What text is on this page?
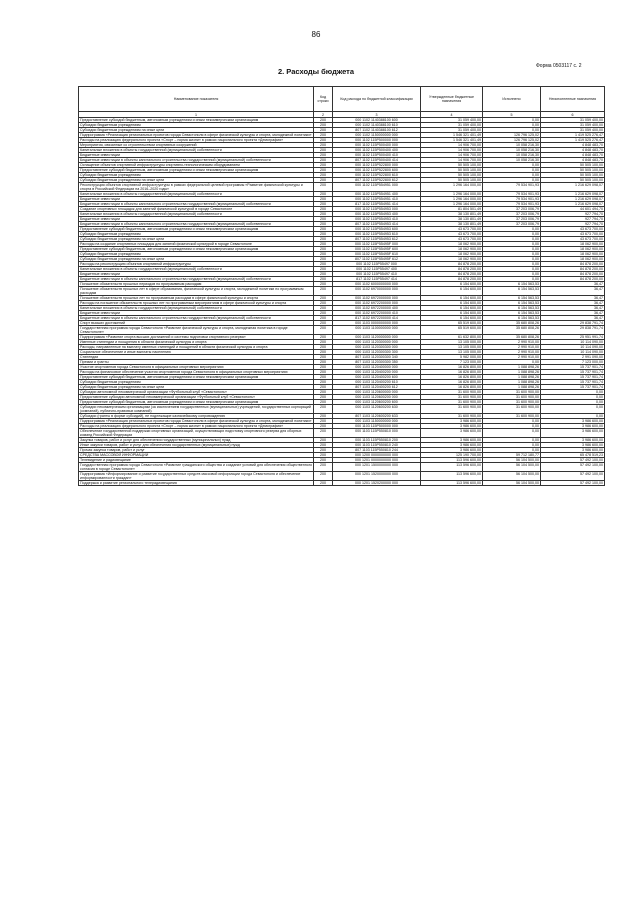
86
Форма 0503117 с. 2
2. Расходы бюджета
Наименование показателя	Код строки	Код расхода по бюджетной классификации	Утвержденные бюджетные назначения	Исполнено	Неисполненные назначения
1	2	3	4	5	6
Предоставление субсидий бюджетным, автономным учреждениям и иным некоммерческим организациям	200	000 1102 1140388100 600	31 059 400,00	0,00	31 059 400,00
Субсидии бюджетным учреждениям	200	000 1102 1140388100 610	31 059 400,00	0,00	31 059 400,00
Субсидии бюджетным учреждениям на иные цели	200	807 1102 1140388100 612	31 059 400,00	0,00	31 059 400,00
Подпрограмма «Реализация региональных проектов города Севастополя в сфере физической культуры и спорта, молодежной политики»	200	000 1102 1150000000 000	1 546 321 401,49	126 796 125,02	1 419 525 276,47
Расходы на реализацию федерального проекта «Спорт – норма жизни» в рамках национального проекта «Демография»	200	000 1102 115P500000 000	1 546 321 401,49	126 796 125,02	1 419 525 276,47
Мероприятия, связанные со строительством спортивных сооружений	200	000 1102 115P500400 000	14 906 700,00	10 058 216,30	4 848 483,70
Капитальные вложения в объекты государственной (муниципальной) собственности	200	000 1102 115P500400 400	14 906 700,00	10 058 216,30	4 848 483,70
Бюджетные инвестиции	200	000 1102 115P500400 410	14 906 700,00	10 058 216,30	4 848 483,70
Бюджетные инвестиции в объекты капитального строительства государственной (муниципальной) собственности	200	807 1102 115P500400 414	14 906 700,00	10 058 216,30	4 848 483,70
Оснащение объектов спортивной инфраструктуры спортивно-технологическим оборудованием	200	000 1102 115P522800 000	50 505 100,00	0,00	50 505 100,00
Предоставление субсидий бюджетным, автономным учреждениям и иным некоммерческим организациям	200	000 1102 115P522800 600	50 505 100,00	0,00	50 505 100,00
Субсидии бюджетным учреждениям	200	000 1102 115P522800 610	50 505 100,00	0,00	50 505 100,00
Субсидии бюджетным учреждениям на иные цели	200	807 1102 115P522800 612	50 505 100,00	0,00	50 505 100,00
Реконструкция объектов спортивной инфраструктуры в рамках федеральной целевой программы «Развитие физической культуры и спорта в Российской Федерации на 2016–2020 годы»	200	000 1102 115P554951 000	1 296 164 000,00	79 534 901,93	1 216 629 098,07
Капитальные вложения в объекты государственной (муниципальной) собственности	200	000 1102 115P554951 400	1 296 164 000,00	79 534 901,93	1 216 629 098,07
Бюджетные инвестиции	200	000 1102 115P554951 410	1 296 164 000,00	79 534 901,93	1 216 629 098,07
Бюджетные инвестиции в объекты капитального строительства государственной (муниципальной) собственности	200	817 1102 115P554951 414	1 296 164 000,00	79 534 901,93	1 216 629 098,07
Создание спортивных площадок для занятий физической культурой в городе Севастополе	200	000 1102 115P554953 000	81 804 501,49	37 203 006,79	44 601 494,70
Капитальные вложения в объекты государственной (муниципальной) собственности	200	000 1102 115P554953 400	38 130 801,49	37 203 006,79	927 794,70
Бюджетные инвестиции	200	000 1102 115P554953 410	38 130 801,49	37 203 006,79	927 794,70
Бюджетные инвестиции в объекты капитального строительства государственной (муниципальной) собственности	200	807 1102 115P554953 414	38 130 801,49	37 203 006,79	927 794,70
Предоставление субсидий бюджетным, автономным учреждениям и иным некоммерческим организациям	200	000 1102 115P554953 600	43 673 700,00	0,00	43 673 700,00
Субсидии бюджетным учреждениям	200	000 1102 115P554953 610	43 673 700,00	0,00	43 673 700,00
Субсидии бюджетным учреждениям на иные цели	200	807 1102 115P554953 612	43 673 700,00	0,00	43 673 700,00
Расходы на создание спортивных площадок для занятий физической культурой в городе Севастополе	200	000 1102 115P55495F 000	18 062 900,00	0,00	18 062 900,00
Предоставление субсидий бюджетным, автономным учреждениям и иным некоммерческим организациям	200	000 1102 115P55495F 600	18 062 900,00	0,00	18 062 900,00
Субсидии бюджетным учреждениям	200	000 1102 115P55495F 610	18 062 900,00	0,00	18 062 900,00
Субсидии бюджетным учреждениям на иные цели	200	807 1102 115P55495F 612	18 062 900,00	0,00	18 062 900,00
Расходы на реконструкцию объектов спортивной инфраструктуры	200	000 1102 115P55497 000	84 878 200,00	0,00	84 878 200,00
Капитальные вложения в объекты государственной (муниципальной) собственности	200	000 1102 115P55497 400	84 878 200,00	0,00	84 878 200,00
Бюджетные инвестиции	200	000 1102 115P55497 410	84 878 200,00	0,00	84 878 200,00
Бюджетные инвестиции в объекты капитального строительства государственной (муниципальной) собственности	200	817 1102 115P55497 414	84 878 200,00	0,00	84 878 200,00
Погашение обязательств прошлых периодов по программным расходам	200	000 1102 6000000000 000	6 154 600,00	6 154 563,53	36,47
Погашение обязательств прошлых лет в сфере образования, физической культуры и спорта, молодежной политики по программным расходам	200	000 1102 6970000000 000	6 154 600,00	6 154 563,53	36,47
Погашение обязательств прошлых лет по программным расходам в сфере физической культуры и спорта	200	000 1102 6972000000 000	6 154 600,00	6 154 563,53	36,47
Расходы на погашение обязательств прошлых лет по программным мероприятиям в сфере физической культуры и спорта	200	000 1102 6972200000 000	6 154 600,00	6 154 563,53	36,47
Капитальные вложения в объекты государственной (муниципальной) собственности	200	000 1102 6972200000 400	6 154 600,00	6 154 563,53	36,47
Бюджетные инвестиции	200	000 1102 6972200000 410	6 154 600,00	6 154 563,53	36,47
Бюджетные инвестиции в объекты капитального строительства государственной (муниципальной) собственности	200	817 1102 6972200000 414	6 154 600,00	6 154 563,53	36,47
Спорт высших достижений	200	000 1103 0000000000 000	65 519 600,00	35 680 808,26	29 838 791,74
Государственная программа города Севастополя «Развитие физической культуры и спорта, молодежная политика в городе Севастополе»	200	000 1103 1100000000 000	65 519 600,00	35 680 808,26	29 838 791,74
Подпрограмма «Развитие спорта высших достижений и системы подготовки спортивного резерва»	200	000 1103 1120000000 000	61 632 800,00	35 680 808,26	25 951 991,74
Именные стипендии и поощрения в области физической культуры и спорта	200	000 1103 1120300000 000	13 105 000,00	2 990 910,00	10 114 090,00
Расходы, направленные на выплату именных стипендий и поощрений в области физической культуры и спорта	200	000 1103 1120300300 000	13 105 000,00	2 990 910,00	10 114 090,00
Социальное обеспечение и иные выплаты населению	200	000 1103 1120300300 300	13 105 000,00	2 990 910,00	10 114 090,00
Стипендии	200	807 1103 1120300300 340	5 982 000,00	2 990 910,00	2 991 090,00
Премии и гранты	200	807 1103 1120300300 350	7 123 000,00	0,00	7 123 000,00
Участие спортсменов города Севастополя в официальных спортивных мероприятиях	200	000 1103 1120400000 000	16 826 800,00	1 088 898,26	15 737 901,74
Расходы на финансовое обеспечение участия спортсменов города Севастополя в официальных спортивных мероприятиях	200	000 1103 1120400200 000	16 826 800,00	1 088 898,26	15 737 901,74
Предоставление субсидий бюджетным, автономным учреждениям и иным некоммерческим организациям	200	000 1103 1120400200 600	16 826 800,00	1 088 898,26	15 737 901,74
Субсидии бюджетным учреждениям	200	000 1103 1120400200 610	16 826 800,00	1 088 898,26	15 737 901,74
Субсидии бюджетным учреждениям на иные цели	200	807 1103 1120400200 612	16 826 800,00	1 088 898,26	15 737 901,74
Субсидии автономной некоммерческой организации «Футбольный клуб «Севастополь»	200	000 1103 1120600000 000	31 600 900,00	31 600 900,00	0,00
Предоставление субсидии автономной некоммерческой организации «Футбольный клуб «Севастополь»	200	000 1103 1120600200 000	31 600 900,00	31 600 900,00	0,00
Предоставление субсидий бюджетным, автономным учреждениям и иным некоммерческим организациям	200	000 1103 1120600200 600	31 600 900,00	31 600 900,00	0,00
Субсидии некоммерческим организациям (за исключением государственных (муниципальных) учреждений, государственных корпораций (компаний), публично-правовых компаний)	200	000 1103 1120600200 630	31 600 900,00	31 600 900,00	0,00
Субсидии (гранты в форме субсидий), не подлежащие казначейскому сопровождению	200	807 1103 1120600200 633	31 600 900,00	31 600 900,00	0,00
Подпрограмма «Реализация региональных проектов города Севастополя в сфере физической культуры и спорта, молодежной политики»	200	000 1103 1150000000 000	3 986 600,00	0,00	3 986 600,00
Расходы на реализацию федерального проекта «Спорт – норма жизни» в рамках национального проекта «Демография»	200	000 1103 115P500000 000	3 986 600,00	0,00	3 986 600,00
Обеспечение государственной поддержки спортивных организаций, осуществляющих подготовку спортивного резерва для сборных команд Российской Федерации	200	000 1103 115P550810 000	3 986 600,00	0,00	3 986 600,00
Закупка товаров, работ и услуг для обеспечения государственных (муниципальных) нужд	200	000 1103 115P550810 200	3 986 600,00	0,00	3 986 600,00
Иные закупки товаров, работ и услуг для обеспечения государственных (муниципальных) нужд	200	000 1103 115P550810 240	3 986 600,00	0,00	3 986 600,00
Прочая закупка товаров, работ и услуг	200	807 1103 115P550810 244	3 986 600,00	0,00	3 986 600,00
СРЕДСТВА МАССОВОЙ ИНФОРМАЦИИ	200	000 1200 0000000000 000	125 190 700,00	59 712 180,77	65 478 519,23
Телевидение и радиовещание	200	000 1201 0000000000 000	113 596 600,00	56 104 500,00	57 492 100,00
Государственная программа города Севастополя «Развитие гражданского общества и создание условий для обеспечения общественного согласия в городе Севастополе»	200	000 1201 1500000000 000	113 596 600,00	56 104 500,00	57 492 100,00
Подпрограмма «Информирование и развитие государственных средств массовой информации города Севастополя и обеспечение информированности граждан»	200	000 1201 1520000000 000	113 596 600,00	56 104 500,00	57 492 100,00
Поддержка и развитие регионального телерадиовещания	200	000 1201 1520200000 000	113 596 600,00	56 104 500,00	57 492 100,00
